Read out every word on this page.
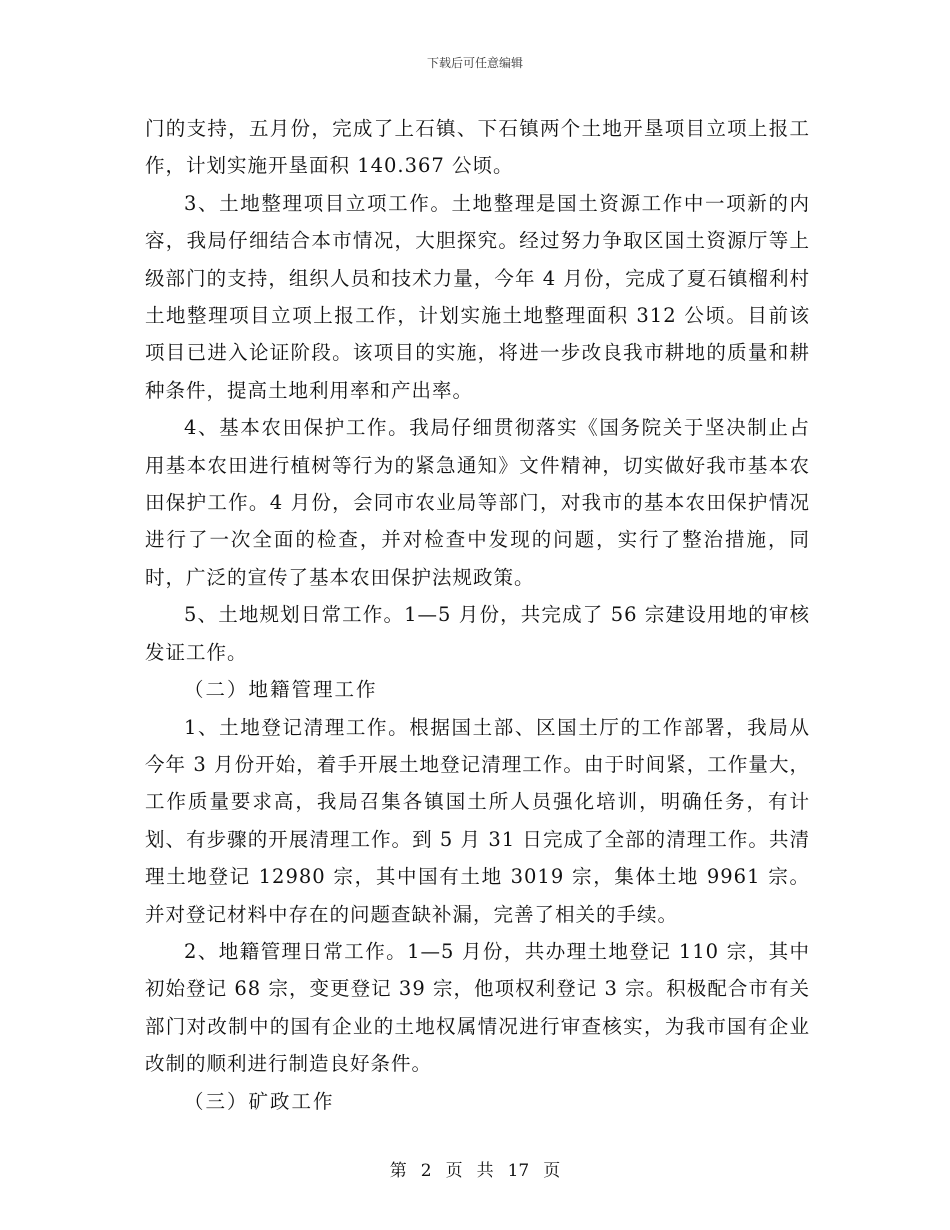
下载后可任意编辑

门的支持，五月份，完成了上石镇、下石镇两个土地开垦项目立项上报工作，计划实施开垦面积 140.367 公顷。

3、土地整理项目立项工作。土地整理是国土资源工作中一项新的内容，我局仔细结合本市情况，大胆探究。经过努力争取区国土资源厅等上级部门的支持，组织人员和技术力量，今年 4 月份，完成了夏石镇榴利村土地整理项目立项上报工作，计划实施土地整理面积 312 公顷。目前该项目已进入论证阶段。该项目的实施，将进一步改良我市耕地的质量和耕种条件，提高土地利用率和产出率。

4、基本农田保护工作。我局仔细贯彻落实《国务院关于坚决制止占用基本农田进行植树等行为的紧急通知》文件精神，切实做好我市基本农田保护工作。4 月份，会同市农业局等部门，对我市的基本农田保护情况进行了一次全面的检查，并对检查中发现的问题，实行了整治措施，同时，广泛的宣传了基本农田保护法规政策。

5、土地规划日常工作。1—5 月份，共完成了 56 宗建设用地的审核发证工作。

（二）地籍管理工作

1、土地登记清理工作。根据国土部、区国土厅的工作部署，我局从今年 3 月份开始，着手开展土地登记清理工作。由于时间紧，工作量大，工作质量要求高，我局召集各镇国土所人员强化培训，明确任务，有计划、有步骤的开展清理工作。到 5 月 31 日完成了全部的清理工作。共清理土地登记 12980 宗，其中国有土地 3019 宗，集体土地 9961 宗。并对登记材料中存在的问题查缺补漏，完善了相关的手续。

2、地籍管理日常工作。1—5 月份，共办理土地登记 110 宗，其中初始登记 68 宗，变更登记 39 宗，他项权利登记 3 宗。积极配合市有关部门对改制中的国有企业的土地权属情况进行审查核实，为我市国有企业改制的顺利进行制造良好条件。

（三）矿政工作

第 2 页 共 17 页
